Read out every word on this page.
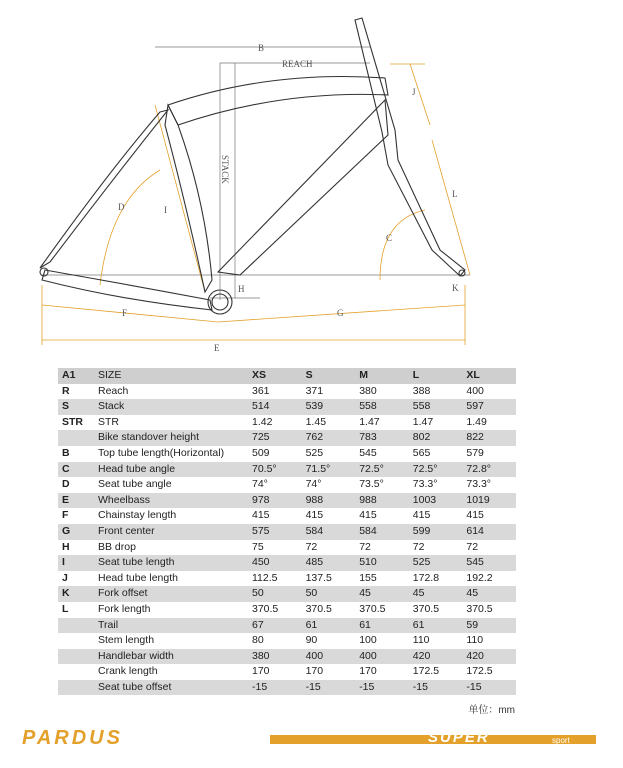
B
REACH
STACK
J
L
D	I
C
H	K
F	G
E
A1	SIZE	XS	S	M	L	XL
R	Reach	361	371	380	388	400
S	Stack	514	539	558	558	597
STR	STR	1.42	1.45	1.47	1.47	1.49
	Bike standover height	725	762	783	802	822
B	Top tube length(Horizontal)	509	525	545	565	579
C	Head tube angle	70.5°	71.5°	72.5°	72.5°	72.8°
D	Seat tube angle	74°	74°	73.5°	73.3°	73.3°
E	Wheelbass	978	988	988	1003	1019
F	Chainstay length	415	415	415	415	415
G	Front center	575	584	584	599	614
H	BB drop	75	72	72	72	72
I	Seat tube length	450	485	510	525	545
J	Head tube length	112.5	137.5	155	172.8	192.2
K	Fork offset	50	50	45	45	45
L	Fork length	370.5	370.5	370.5	370.5	370.5
	Trail	67	61	61	61	59
	Stem length	80	90	100	110	110
	Handlebar width	380	400	400	420	420
	Crank length	170	170	170	172.5	172.5
	Seat tube offset	-15	-15	-15	-15	-15
单位：mm
PARDUS	SUPER	ENDURANCE
sport
